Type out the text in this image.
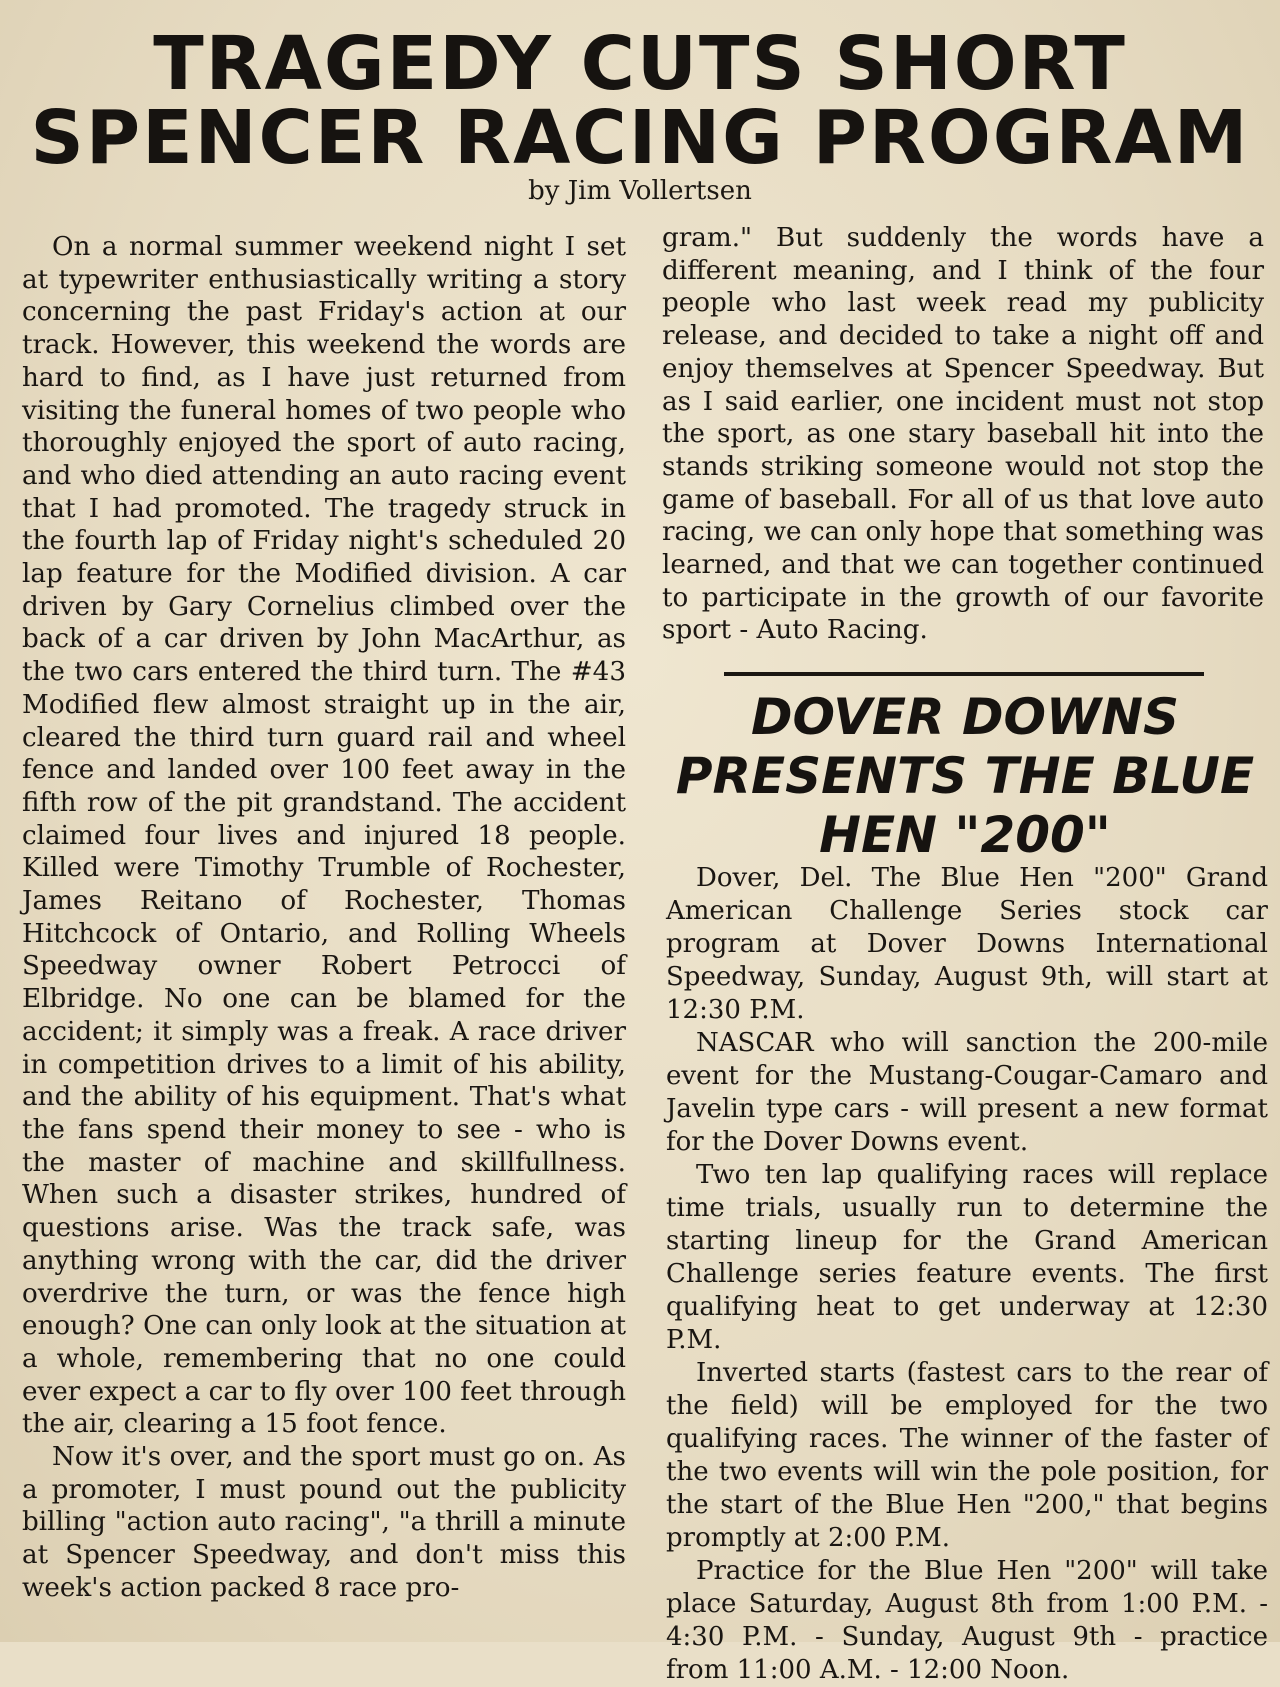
TRAGEDY CUTS SHORT
SPENCER RACING PROGRAM

by Jim Vollertsen

On a normal summer weekend night I set at typewriter enthusiastically writing a story concerning the past Friday's action at our track. However, this weekend the words are hard to find, as I have just returned from visiting the funeral homes of two people who thoroughly enjoyed the sport of auto racing, and who died attending an auto racing event that I had promoted. The tragedy struck in the fourth lap of Friday night's scheduled 20 lap feature for the Modified division. A car driven by Gary Cornelius climbed over the back of a car driven by John MacArthur, as the two cars entered the third turn. The #43 Modified flew almost straight up in the air, cleared the third turn guard rail and wheel fence and landed over 100 feet away in the fifth row of the pit grandstand. The accident claimed four lives and injured 18 people. Killed were Timothy Trumble of Rochester, James Reitano of Rochester, Thomas Hitchcock of Ontario, and Rolling Wheels Speedway owner Robert Petrocci of Elbridge. No one can be blamed for the accident; it simply was a freak. A race driver in competition drives to a limit of his ability, and the ability of his equipment. That's what the fans spend their money to see - who is the master of machine and skillfullness. When such a disaster strikes, hundred of questions arise. Was the track safe, was anything wrong with the car, did the driver overdrive the turn, or was the fence high enough? One can only look at the situation at a whole, remembering that no one could ever expect a car to fly over 100 feet through the air, clearing a 15 foot fence.

Now it's over, and the sport must go on. As a promoter, I must pound out the publicity billing "action auto racing", "a thrill a minute at Spencer Speedway, and don't miss this week's action packed 8 race pro-

gram." But suddenly the words have a different meaning, and I think of the four people who last week read my publicity release, and decided to take a night off and enjoy themselves at Spencer Speedway. But as I said earlier, one incident must not stop the sport, as one stary baseball hit into the stands striking someone would not stop the game of baseball. For all of us that love auto racing, we can only hope that something was learned, and that we can together continued to participate in the growth of our favorite sport - Auto Racing.

DOVER DOWNS
PRESENTS THE BLUE
HEN "200"

Dover, Del. The Blue Hen "200" Grand American Challenge Series stock car program at Dover Downs International Speedway, Sunday, August 9th, will start at 12:30 P.M.

NASCAR who will sanction the 200-mile event for the Mustang-Cougar-Camaro and Javelin type cars - will present a new format for the Dover Downs event.

Two ten lap qualifying races will replace time trials, usually run to determine the starting lineup for the Grand American Challenge series feature events. The first qualifying heat to get underway at 12:30 P.M.

Inverted starts (fastest cars to the rear of the field) will be employed for the two qualifying races. The winner of the faster of the two events will win the pole position, for the start of the Blue Hen "200," that begins promptly at 2:00 P.M.

Practice for the Blue Hen "200" will take place Saturday, August 8th from 1:00 P.M. - 4:30 P.M. - Sunday, August 9th - practice from 11:00 A.M. - 12:00 Noon.
